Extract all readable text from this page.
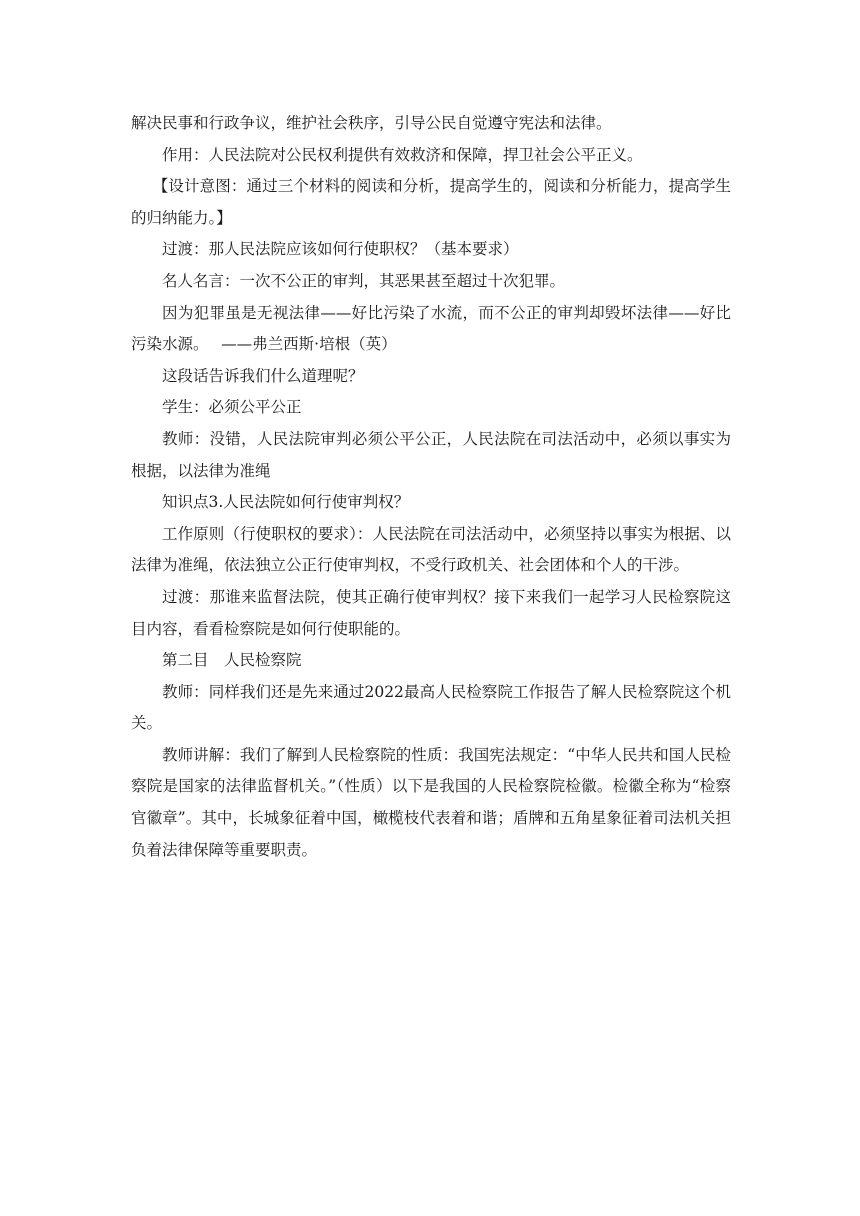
解决民事和行政争议，维护社会秩序，引导公民自觉遵守宪法和法律。

作用：人民法院对公民权利提供有效救济和保障，捍卫社会公平正义。

【设计意图：通过三个材料的阅读和分析，提高学生的，阅读和分析能力，提高学生的归纳能力。】

过渡：那人民法院应该如何行使职权？（基本要求）

名人名言：一次不公正的审判，其恶果甚至超过十次犯罪。

因为犯罪虽是无视法律——好比污染了水流，而不公正的审判却毁坏法律——好比污染水源。　 ——弗兰西斯·培根（英）

这段话告诉我们什么道理呢？

学生：必须公平公正

教师：没错，人民法院审判必须公平公正，人民法院在司法活动中，必须以事实为根据，以法律为准绳

知识点3.人民法院如何行使审判权？

工作原则（行使职权的要求）：人民法院在司法活动中，必须坚持以事实为根据、以法律为准绳，依法独立公正行使审判权，不受行政机关、社会团体和个人的干涉。

过渡：那谁来监督法院，使其正确行使审判权？接下来我们一起学习人民检察院这目内容，看看检察院是如何行使职能的。

第二目　人民检察院

教师：同样我们还是先来通过2022最高人民检察院工作报告了解人民检察院这个机关。

教师讲解：我们了解到人民检察院的性质：我国宪法规定：“中华人民共和国人民检察院是国家的法律监督机关。”（性质）以下是我国的人民检察院检徽。检徽全称为“检察官徽章”。其中，长城象征着中国，橄榄枝代表着和谐；盾牌和五角星象征着司法机关担负着法律保障等重要职责。
